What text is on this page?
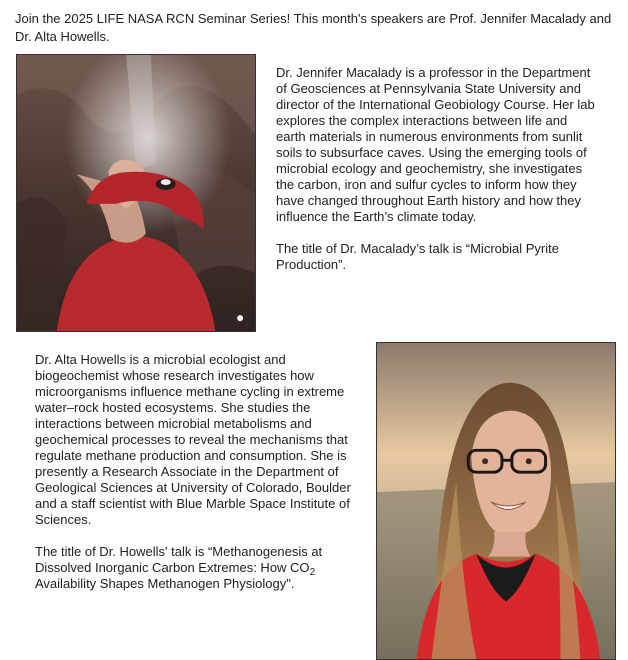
Join the 2025 LIFE NASA RCN Seminar Series! This month's speakers are Prof. Jennifer Macalady and Dr. Alta Howells.

Dr. Jennifer Macalady is a professor in the Department of Geosciences at Pennsylvania State University and director of the International Geobiology Course. Her lab explores the complex interactions between life and earth materials in numerous environments from sunlit soils to subsurface caves. Using the emerging tools of microbial ecology and geochemistry, she investigates the carbon, iron and sulfur cycles to inform how they have changed throughout Earth history and how they influence the Earth’s climate today.

The title of Dr. Macalady’s talk is “Microbial Pyrite Production”.

Dr. Alta Howells is a microbial ecologist and biogeochemist whose research investigates how microorganisms influence methane cycling in extreme water–rock hosted ecosystems. She studies the interactions between microbial metabolisms and geochemical processes to reveal the mechanisms that regulate methane production and consumption. She is presently a Research Associate in the Department of Geological Sciences at University of Colorado, Boulder and a staff scientist with Blue Marble Space Institute of Sciences.

The title of Dr. Howells' talk is “Methanogenesis at Dissolved Inorganic Carbon Extremes: How $CO_2$ Availability Shapes Methanogen Physiology".
